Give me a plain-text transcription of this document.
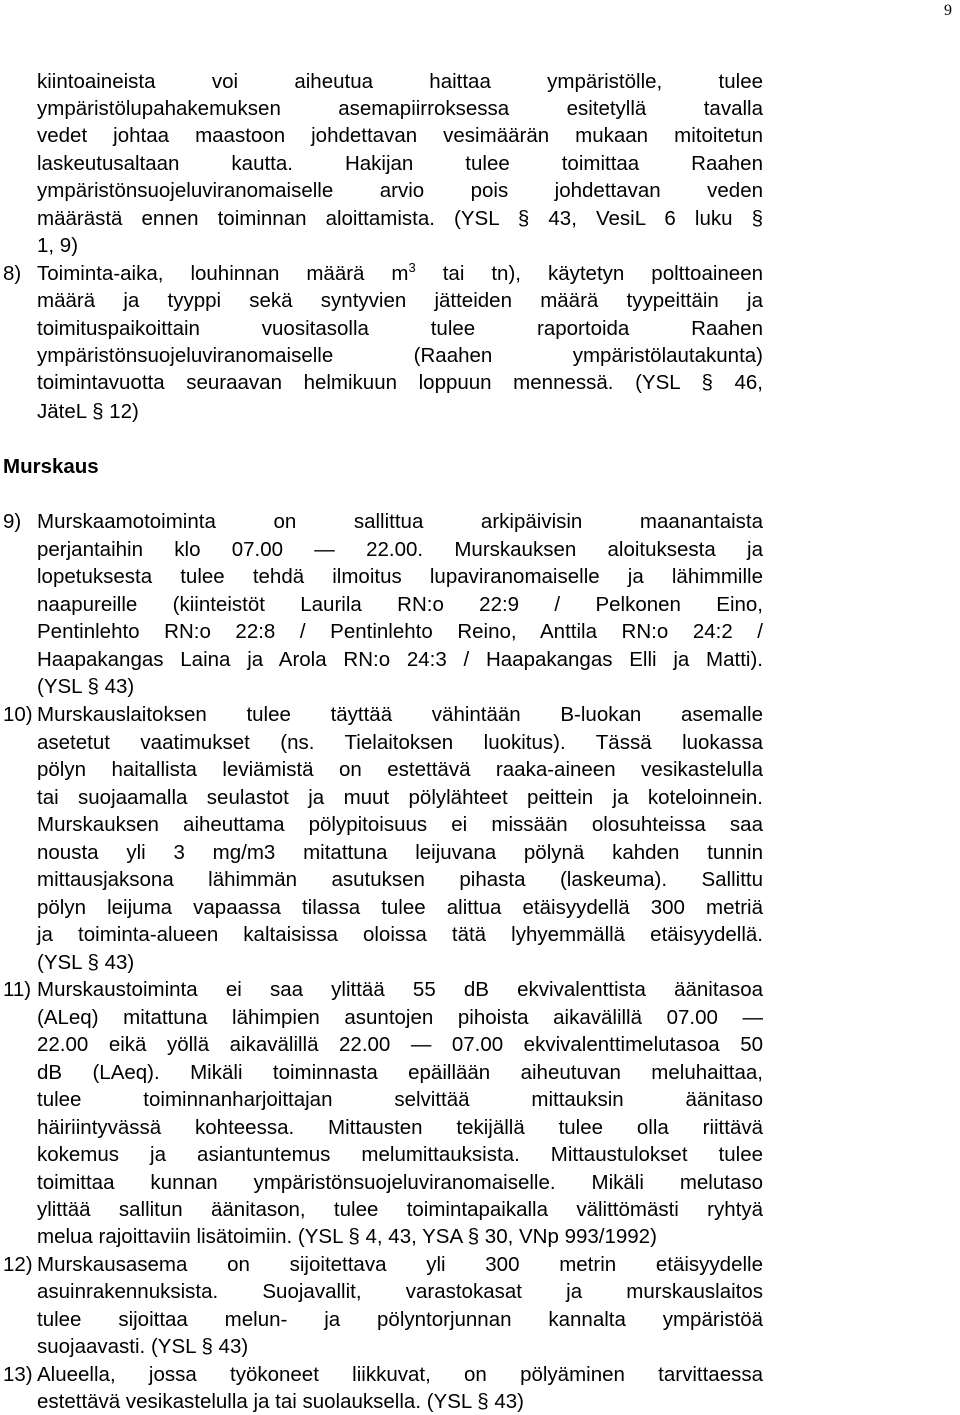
9
kiintoaineista voi aiheutua haittaa ympäristölle, tulee
ympäristölupahakemuksen asemapiirroksessa esitetyllä tavalla
vedet johtaa maastoon johdettavan vesimäärän mukaan mitoitetun
laskeutusaltaan kautta. Hakijan tulee toimittaa Raahen
ympäristönsuojeluviranomaiselle arvio pois johdettavan veden
määrästä ennen toiminnan aloittamista. (YSL § 43, VesiL 6 luku §
1, 9)
8) Toiminta-aika, louhinnan määrä $m^3$ tai tn), käytetyn polttoaineen
määrä ja tyyppi sekä syntyvien jätteiden määrä tyypeittäin ja
toimituspaikoittain vuositasolla tulee raportoida Raahen
ympäristönsuojeluviranomaiselle (Raahen ympäristölautakunta)
toimintavuotta seuraavan helmikuun loppuun mennessä. (YSL § 46,
JäteL § 12)
Murskaus
9) Murskaamotoiminta on sallittua arkipäivisin maanantaista
perjantaihin klo 07.00 — 22.00. Murskauksen aloituksesta ja
lopetuksesta tulee tehdä ilmoitus lupaviranomaiselle ja lähimmille
naapureille (kiinteistöt Laurila RN:o 22:9 / Pelkonen Eino,
Pentinlehto RN:o 22:8 / Pentinlehto Reino, Anttila RN:o 24:2 /
Haapakangas Laina ja Arola RN:o 24:3 / Haapakangas Elli ja Matti).
(YSL § 43)
10) Murskauslaitoksen tulee täyttää vähintään B-luokan asemalle
asetetut vaatimukset (ns. Tielaitoksen luokitus). Tässä luokassa
pölyn haitallista leviämistä on estettävä raaka-aineen vesikastelulla
tai suojaamalla seulastot ja muut pölylähteet peittein ja koteloinnein.
Murskauksen aiheuttama pölypitoisuus ei missään olosuhteissa saa
nousta yli 3 mg/m3 mitattuna leijuvana pölynä kahden tunnin
mittausjaksona lähimmän asutuksen pihasta (laskeuma). Sallittu
pölyn leijuma vapaassa tilassa tulee alittua etäisyydellä 300 metriä
ja toiminta-alueen kaltaisissa oloissa tätä lyhyemmällä etäisyydellä.
(YSL § 43)
11) Murskaustoiminta ei saa ylittää 55 dB ekvivalenttista äänitasoa
(ALeq) mitattuna lähimpien asuntojen pihoista aikavälillä 07.00 —
22.00 eikä yöllä aikavälillä 22.00 — 07.00 ekvivalenttimelutasoa 50
dB (LAeq). Mikäli toiminnasta epäillään aiheutuvan meluhaittaa,
tulee toiminnanharjoittajan selvittää mittauksin äänitaso
häiriintyvässä kohteessa. Mittausten tekijällä tulee olla riittävä
kokemus ja asiantuntemus melumittauksista. Mittaustulokset tulee
toimittaa kunnan ympäristönsuojeluviranomaiselle. Mikäli melutaso
ylittää sallitun äänitason, tulee toimintapaikalla välittömästi ryhtyä
melua rajoittaviin lisätoimiin. (YSL § 4, 43, YSA § 30, VNp 993/1992)
12) Murskausasema on sijoitettava yli 300 metrin etäisyydelle
asuinrakennuksista. Suojavallit, varastokasat ja murskauslaitos
tulee sijoittaa melun- ja pölyntorjunnan kannalta ympäristöä
suojaavasti. (YSL § 43)
13) Alueella, jossa työkoneet liikkuvat, on pölyäminen tarvittaessa
estettävä vesikastelulla ja tai suolauksella. (YSL § 43)
